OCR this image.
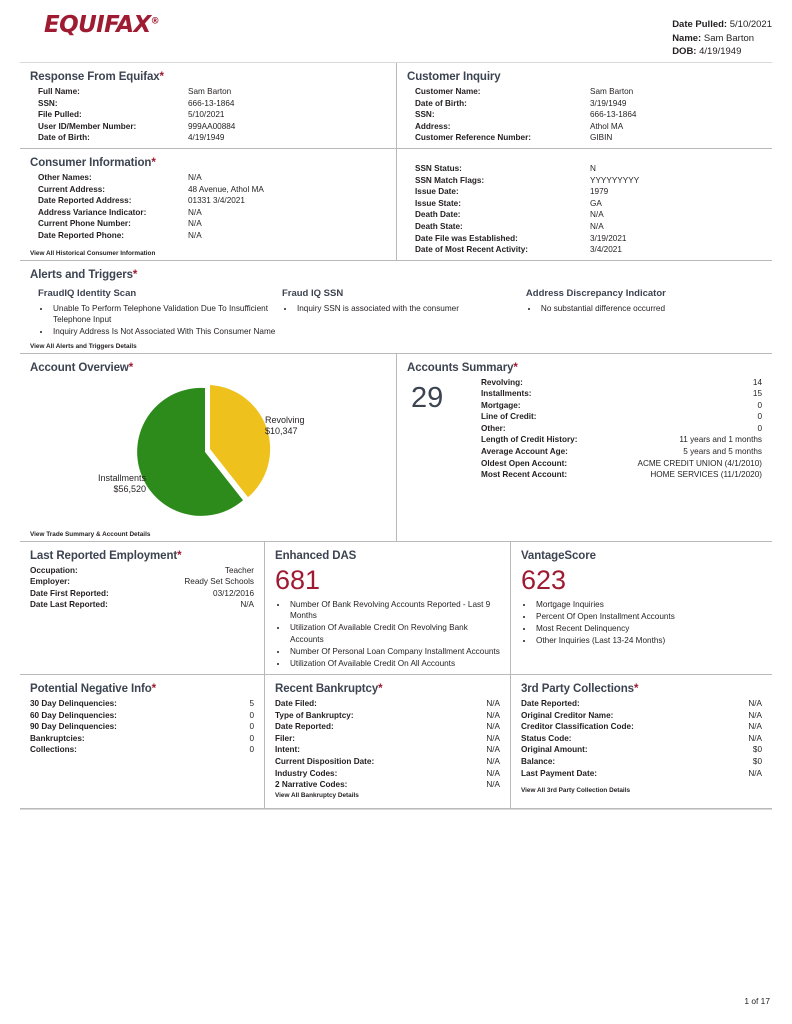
EQUIFAX®	Date Pulled: 5/10/2021
Name: Sam Barton
DOB: 4/19/1949
Response From Equifax*
Full Name:	Sam Barton
SSN:	666-13-1864
File Pulled:	5/10/2021
User ID/Member Number:	999AA00884
Date of Birth:	4/19/1949
Customer Inquiry
Customer Name:	Sam Barton
Date of Birth:	3/19/1949
SSN:	666-13-1864
Address:	Athol MA
Customer Reference Number:	GIBIN
Consumer Information*
Other Names:	N/A
Current Address:	48 Avenue, Athol MA
Date Reported Address:	01331 3/4/2021
Address Variance Indicator:	N/A
Current Phone Number:	N/A
Date Reported Phone:	N/A
View All Historical Consumer Information
SSN Status:	N
SSN Match Flags:	YYYYYYYYY
Issue Date:	1979
Issue State:	GA
Death Date:	N/A
Death State:	N/A
Date File was Established:	3/19/2021
Date of Most Recent Activity:	3/4/2021
Alerts and Triggers*
FraudIQ Identity Scan
• Unable To Perform Telephone Validation Due To Insufficient Telephone Input
• Inquiry Address Is Not Associated With This Consumer Name
Fraud IQ SSN
• Inquiry SSN is associated with the consumer
Address Discrepancy Indicator
• No substantial difference occurred
View All Alerts and Triggers Details
Account Overview*
Revolving
$10,347
Installments
$56,520
View Trade Summary & Account Details
Accounts Summary*
29	Revolving:	14
Installments:	15
Mortgage:	0
Line of Credit:	0
Other:	0
Length of Credit History:	11 years and 1 months
Average Account Age:	5 years and 5 months
Oldest Open Account:	ACME CREDIT UNION (4/1/2010)
Most Recent Account:	HOME SERVICES (11/1/2020)
Last Reported Employment*
Occupation:	Teacher
Employer:	Ready Set Schools
Date First Reported:	03/12/2016
Date Last Reported:	N/A
Enhanced DAS
681
• Number Of Bank Revolving Accounts Reported - Last 9 Months
• Utilization Of Available Credit On Revolving Bank Accounts
• Number Of Personal Loan Company Installment Accounts
• Utilization Of Available Credit On All Accounts
VantageScore
623
• Mortgage Inquiries
• Percent Of Open Installment Accounts
• Most Recent Delinquency
• Other Inquiries (Last 13-24 Months)
Potential Negative Info*
30 Day Delinquencies:	5
60 Day Delinquencies:	0
90 Day Delinquencies:	0
Bankruptcies:	0
Collections:	0
Recent Bankruptcy*
Date Filed:	N/A
Type of Bankruptcy:	N/A
Date Reported:	N/A
Filer:	N/A
Intent:	N/A
Current Disposition Date:	N/A
Industry Codes:	N/A
2 Narrative Codes:	N/A
View All Bankruptcy Details
3rd Party Collections*
Date Reported:	N/A
Original Creditor Name:	N/A
Creditor Classification Code:	N/A
Status Code:	N/A
Original Amount:	$0
Balance:	$0
Last Payment Date:	N/A
View All 3rd Party Collection Details
1 of 17
